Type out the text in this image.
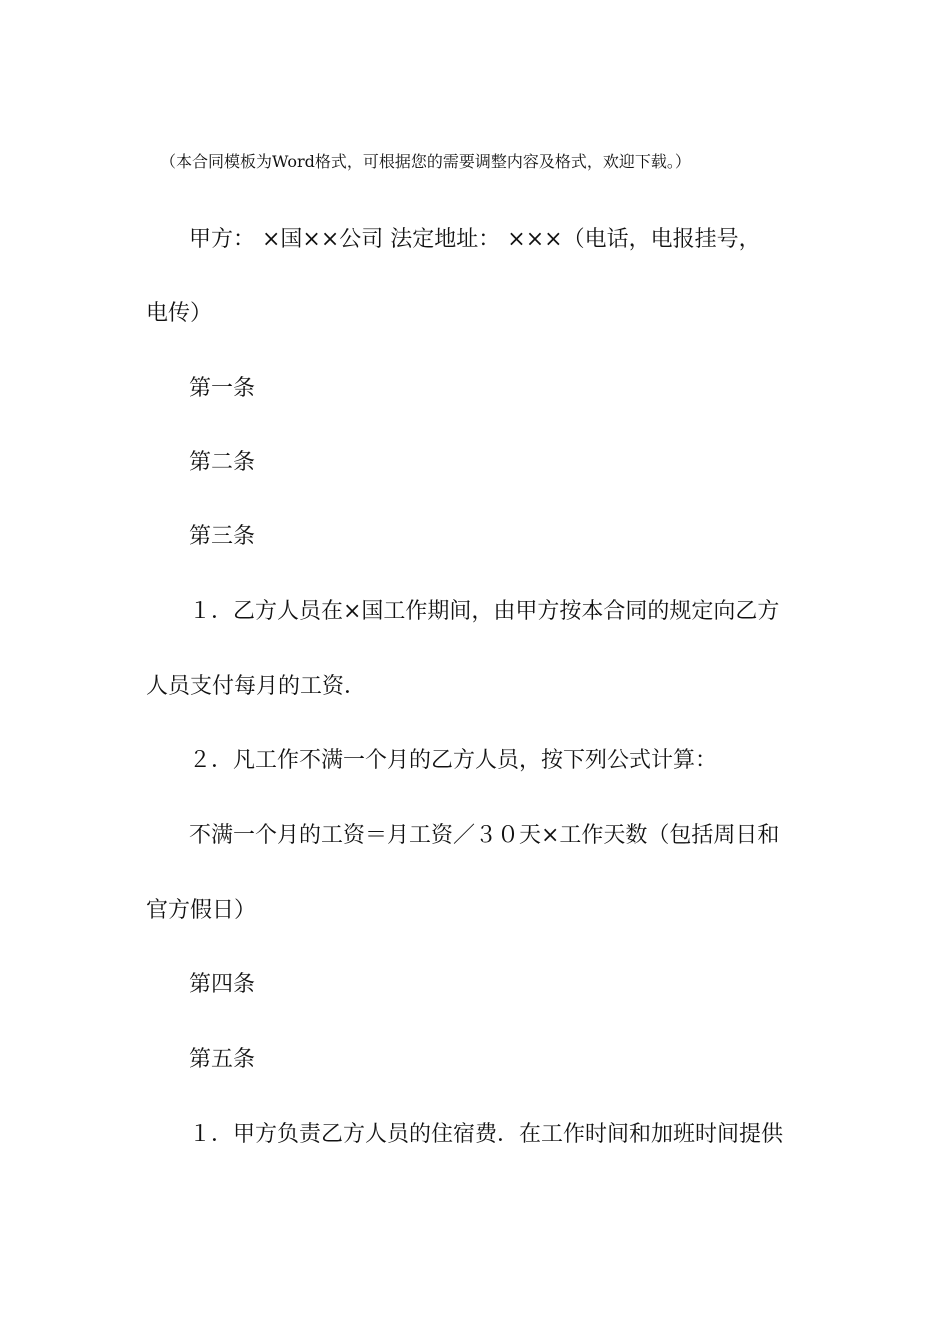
（本合同模板为Word格式，可根据您的需要调整内容及格式，欢迎下载。）
甲方： ×国××公司 法定地址： ×××（电话，电报挂号，
电传）
第一条
第二条
第三条
１．乙方人员在×国工作期间，由甲方按本合同的规定向乙方
人员支付每月的工资．
２．凡工作不满一个月的乙方人员，按下列公式计算：
不满一个月的工资＝月工资／３０天×工作天数（包括周日和
官方假日）
第四条
第五条
１．甲方负责乙方人员的住宿费．在工作时间和加班时间提供
